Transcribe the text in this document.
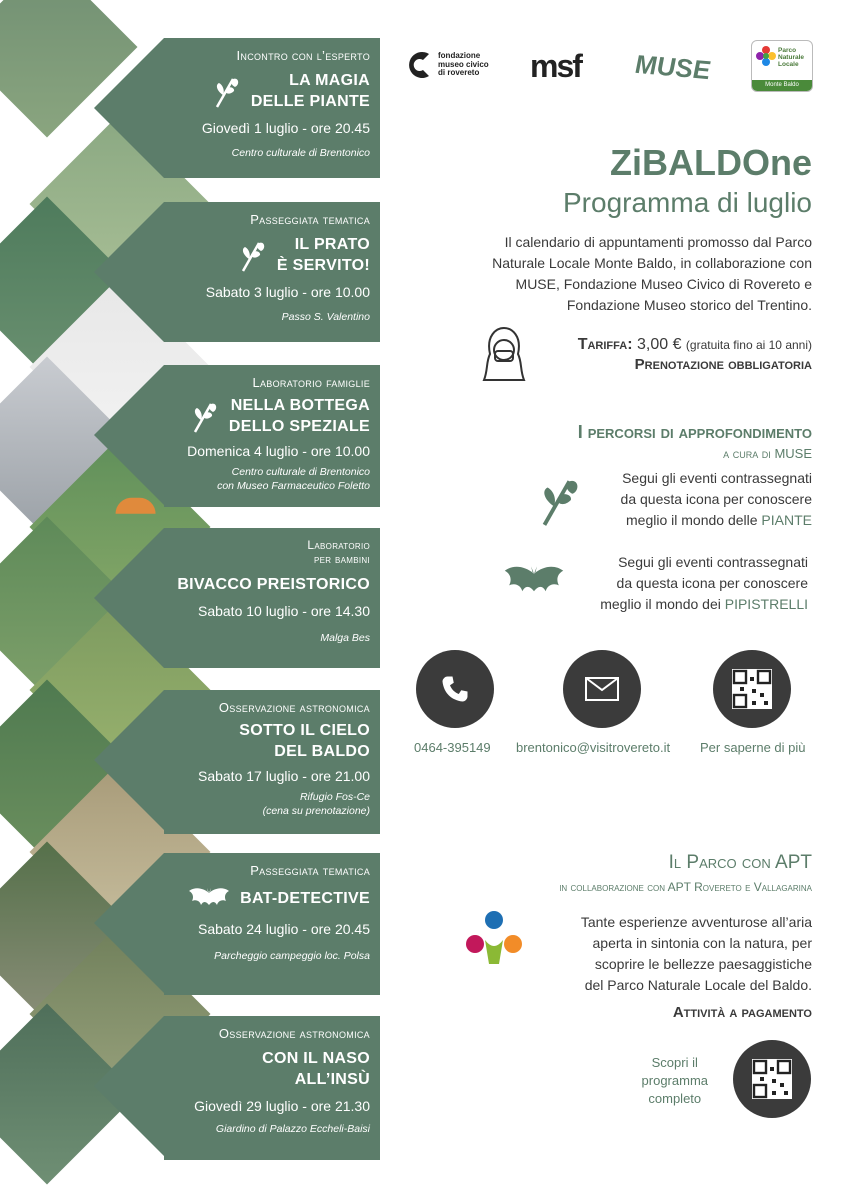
Incontro con l’esperto
LA MAGIA
DELLE PIANTE
Giovedì 1 luglio - ore 20.45
Centro culturale di Brentonico
Passeggiata tematica
IL PRATO
È SERVITO!
Sabato 3 luglio - ore 10.00
Passo S. Valentino
Laboratorio famiglie
NELLA BOTTEGA
DELLO SPEZIALE
Domenica 4 luglio - ore 10.00
Centro culturale di Brentonico
con Museo Farmaceutico Foletto
Laboratorio
per bambini
BIVACCO PREISTORICO
Sabato 10 luglio - ore 14.30
Malga Bes
Osservazione astronomica
SOTTO IL CIELO
DEL BALDO
Sabato 17 luglio - ore 21.00
Rifugio Fos-Ce
(cena su prenotazione)
Passeggiata tematica
BAT-DETECTIVE
Sabato 24 luglio - ore 20.45
Parcheggio campeggio loc. Polsa
Osservazione astronomica
CON IL NASO
ALL’INSÙ
Giovedì 29 luglio - ore 21.30
Giardino di Palazzo Eccheli-Baisi
fondazione
museo civico
di rovereto msf MUSE	Parco
Naturale
Locale
Monte Baldo
ZiBALDOne
Programma di luglio
Il calendario di appuntamenti promosso dal Parco
Naturale Locale Monte Baldo, in collaborazione con
MUSE, Fondazione Museo Civico di Rovereto e
Fondazione Museo storico del Trentino.
Tariffa: 3,00 € (gratuita fino ai 10 anni)
Prenotazione obbligatoria
I percorsi di approfondimento
a cura di MUSE
Segui gli eventi contrassegnati
da questa icona per conoscere
meglio il mondo delle PIANTE
Segui gli eventi contrassegnati
da questa icona per conoscere
meglio il mondo dei PIPISTRELLI
0464-395149 brentonico@visitrovereto.it Per saperne di più
Il Parco con APT
in collaborazione con APT Rovereto e Vallagarina
Tante esperienze avventurose all’aria
aperta in sintonia con la natura, per
scoprire le bellezze paesaggistiche
del Parco Naturale Locale del Baldo.
Attività a pagamento
Scopri il
programma
completo
